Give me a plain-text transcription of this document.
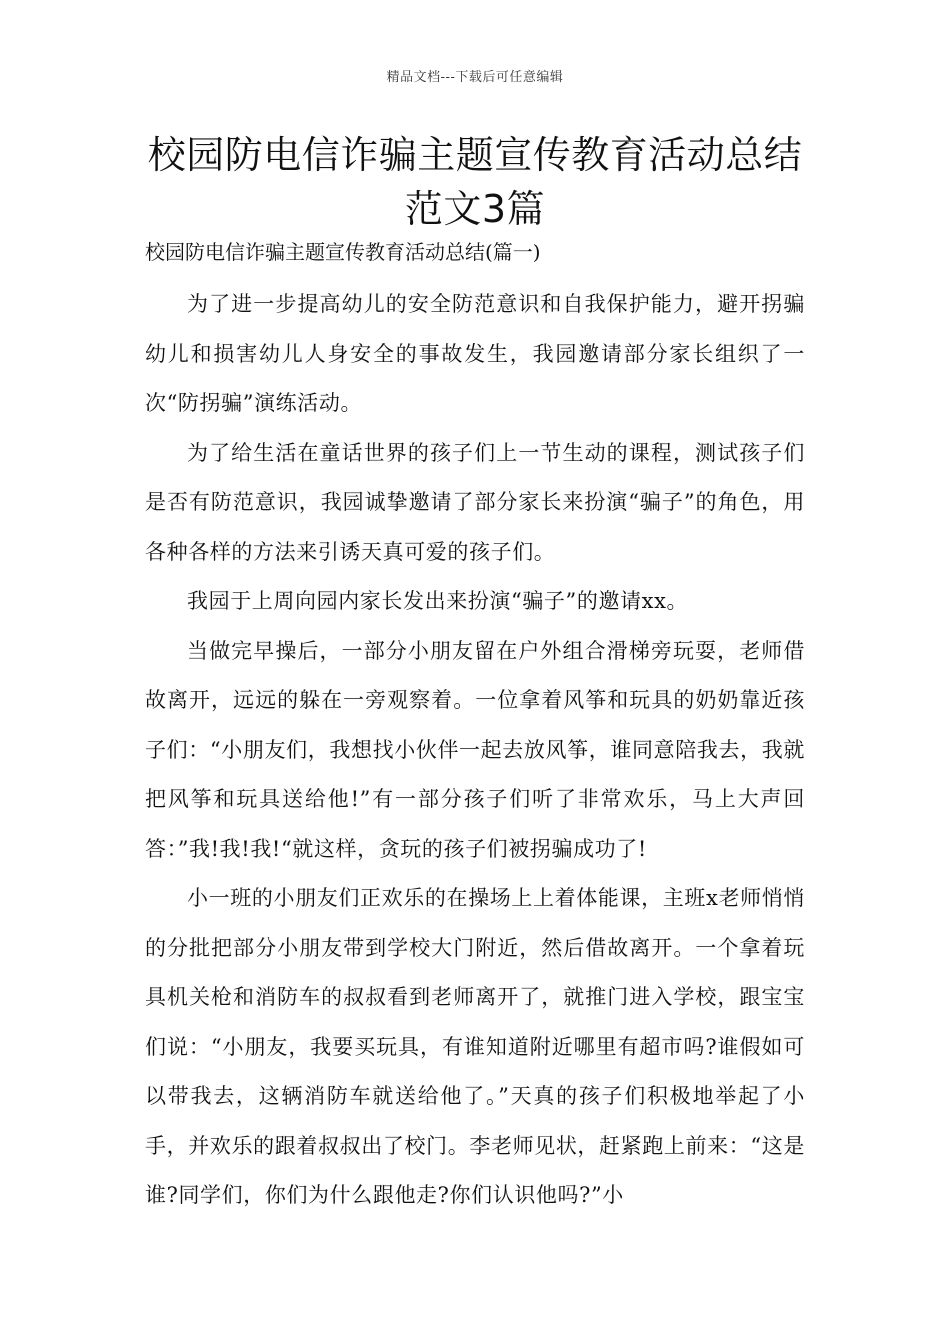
精品文档---下载后可任意编辑
校园防电信诈骗主题宣传教育活动总结范文3篇
校园防电信诈骗主题宣传教育活动总结(篇一)

为了进一步提高幼儿的安全防范意识和自我保护能力，避开拐骗幼儿和损害幼儿人身安全的事故发生，我园邀请部分家长组织了一次“防拐骗”演练活动。

为了给生活在童话世界的孩子们上一节生动的课程，测试孩子们是否有防范意识，我园诚挚邀请了部分家长来扮演“骗子”的角色，用各种各样的方法来引诱天真可爱的孩子们。

我园于上周向园内家长发出来扮演“骗子”的邀请xx。

当做完早操后，一部分小朋友留在户外组合滑梯旁玩耍，老师借故离开，远远的躲在一旁观察着。一位拿着风筝和玩具的奶奶靠近孩子们：“小朋友们，我想找小伙伴一起去放风筝，谁同意陪我去，我就把风筝和玩具送给他!”有一部分孩子们听了非常欢乐，马上大声回答：”我!我!我!“就这样，贪玩的孩子们被拐骗成功了!

小一班的小朋友们正欢乐的在操场上上着体能课，主班x老师悄悄的分批把部分小朋友带到学校大门附近，然后借故离开。一个拿着玩具机关枪和消防车的叔叔看到老师离开了，就推门进入学校，跟宝宝们说：“小朋友，我要买玩具，有谁知道附近哪里有超市吗?谁假如可以带我去，这辆消防车就送给他了。”天真的孩子们积极地举起了小手，并欢乐的跟着叔叔出了校门。李老师见状，赶紧跑上前来：“这是谁?同学们，你们为什么跟他走?你们认识他吗?”小
